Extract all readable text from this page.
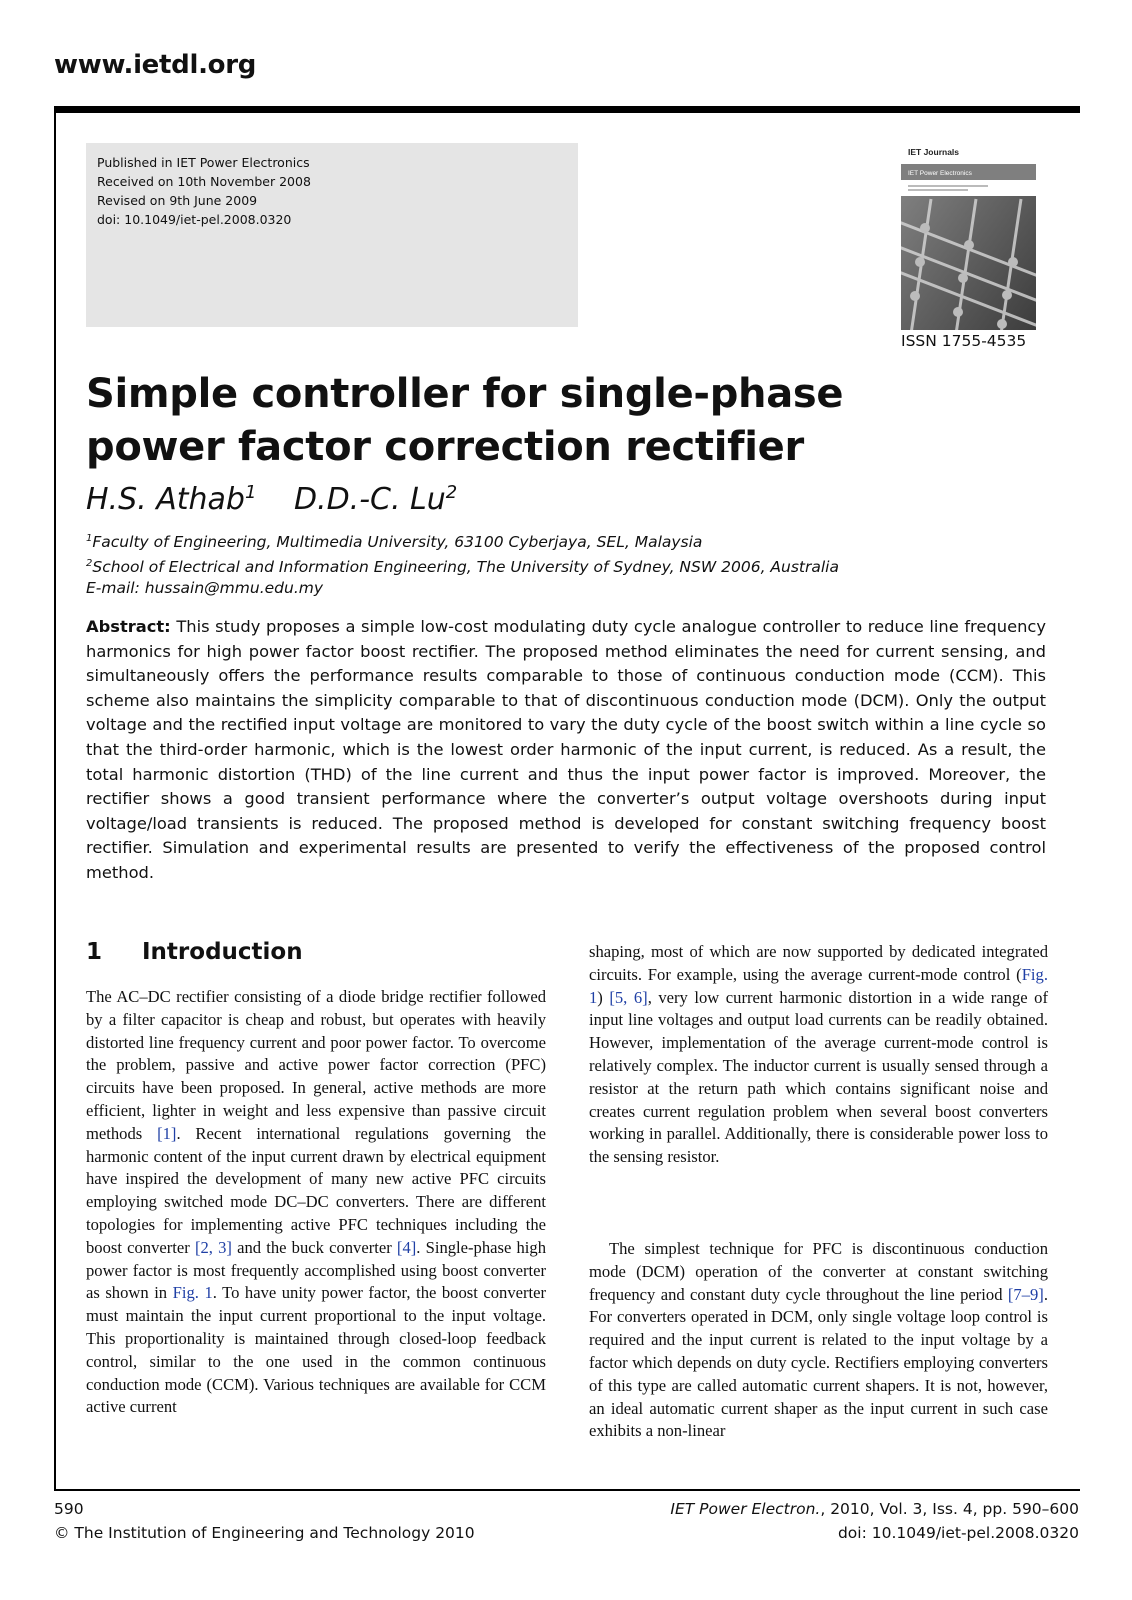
www.ietdl.org
Published in IET Power Electronics
Received on 10th November 2008
Revised on 9th June 2009
doi: 10.1049/iet-pel.2008.0320
IET Journals
IET Power Electronics
ISSN 1755-4535
Simple controller for single-phase power factor correction rectifier
H.S. Athab$^1$ D.D.-C. Lu$^2$
$^1$Faculty of Engineering, Multimedia University, 63100 Cyberjaya, SEL, Malaysia
$^2$School of Electrical and Information Engineering, The University of Sydney, NSW 2006, Australia
E-mail: hussain@mmu.edu.my

Abstract: This study proposes a simple low-cost modulating duty cycle analogue controller to reduce line frequency harmonics for high power factor boost rectifier. The proposed method eliminates the need for current sensing, and simultaneously offers the performance results comparable to those of continuous conduction mode (CCM). This scheme also maintains the simplicity comparable to that of discontinuous conduction mode (DCM). Only the output voltage and the rectified input voltage are monitored to vary the duty cycle of the boost switch within a line cycle so that the third-order harmonic, which is the lowest order harmonic of the input current, is reduced. As a result, the total harmonic distortion (THD) of the line current and thus the input power factor is improved. Moreover, the rectifier shows a good transient performance where the converter’s output voltage overshoots during input voltage/load transients is reduced. The proposed method is developed for constant switching frequency boost rectifier. Simulation and experimental results are presented to verify the effectiveness of the proposed control method.

1 Introduction

The AC–DC rectifier consisting of a diode bridge rectifier followed by a filter capacitor is cheap and robust, but operates with heavily distorted line frequency current and poor power factor. To overcome the problem, passive and active power factor correction (PFC) circuits have been proposed. In general, active methods are more efficient, lighter in weight and less expensive than passive circuit methods [1]. Recent international regulations governing the harmonic content of the input current drawn by electrical equipment have inspired the development of many new active PFC circuits employing switched mode DC–DC converters. There are different topologies for implementing active PFC techniques including the boost converter [2, 3] and the buck converter [4]. Single-phase high power factor is most frequently accomplished using boost converter as shown in Fig. 1. To have unity power factor, the boost converter must maintain the input current proportional to the input voltage. This proportionality is maintained through closed-loop feedback control, similar to the one used in the common continuous conduction mode (CCM). Various techniques are available for CCM active current

shaping, most of which are now supported by dedicated integrated circuits. For example, using the average current-mode control (Fig. 1) [5, 6], very low current harmonic distortion in a wide range of input line voltages and output load currents can be readily obtained. However, implementation of the average current-mode control is relatively complex. The inductor current is usually sensed through a resistor at the return path which contains significant noise and creates current regulation problem when several boost converters working in parallel. Additionally, there is considerable power loss to the sensing resistor.

The simplest technique for PFC is discontinuous conduction mode (DCM) operation of the converter at constant switching frequency and constant duty cycle throughout the line period [7–9]. For converters operated in DCM, only single voltage loop control is required and the input current is related to the input voltage by a factor which depends on duty cycle. Rectifiers employing converters of this type are called automatic current shapers. It is not, however, an ideal automatic current shaper as the input current in such case exhibits a non-linear

590
© The Institution of Engineering and Technology 2010
IET Power Electron., 2010, Vol. 3, Iss. 4, pp. 590–600
doi: 10.1049/iet-pel.2008.0320
